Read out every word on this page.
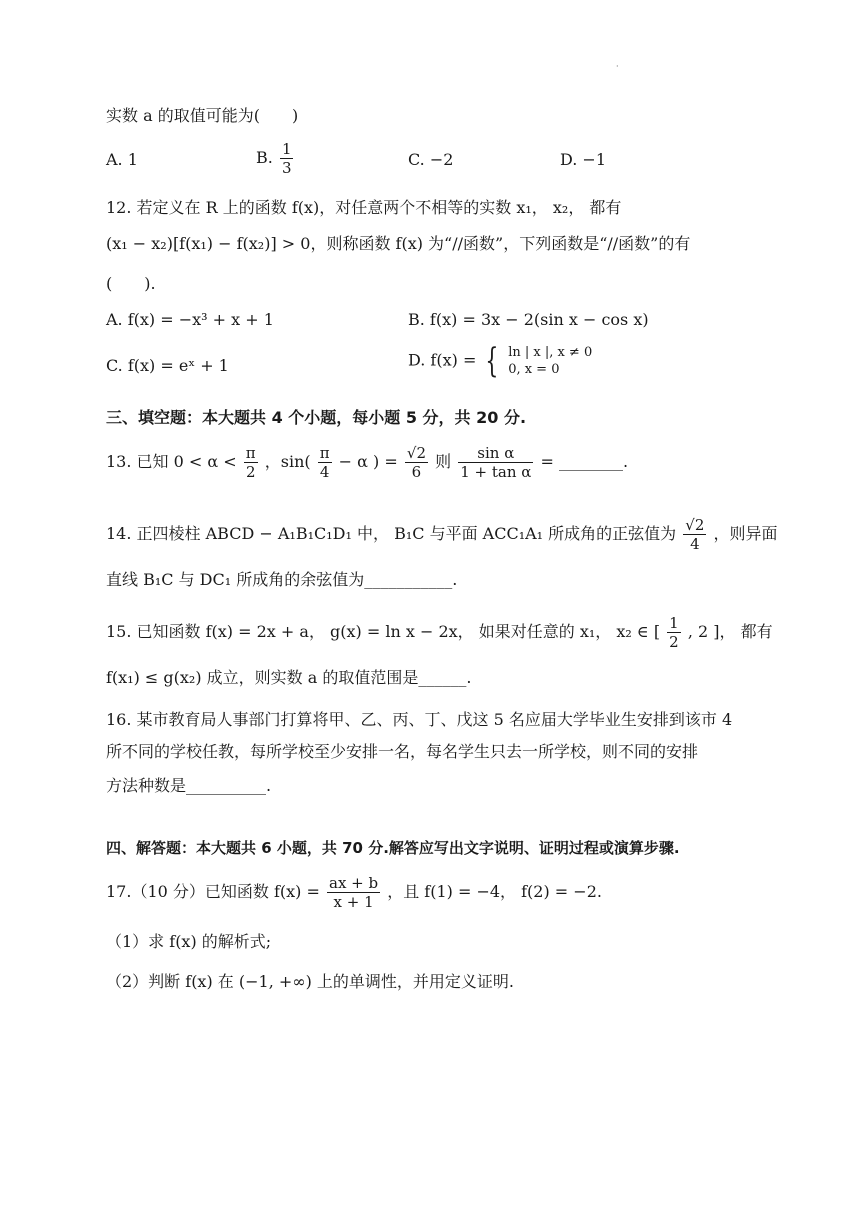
·
实数 a 的取值可能为(　　)
A. 1	B. $\frac{1}{3}$	C. −2	D. −1
12. 若定义在 R 上的函数 f(x)，对任意两个不相等的实数 x₁， x₂， 都有
(x₁ − x₂)[f(x₁) − f(x₂)] > 0，则称函数 f(x) 为“//函数”，下列函数是“//函数”的有
(　　).
A. f(x) = −x³ + x + 1	B. f(x) = 3x − 2(sin x − cos x)
C. f(x) = eˣ + 1	D. f(x) = { ln | x |, x ≠ 0
0, x = 0
三、填空题：本大题共 4 个小题，每小题 5 分，共 20 分.
13. 已知 $0 < \alpha < \frac{\pi}{2}$ ，$\sin( \frac{\pi}{4} - \alpha$ ) = $\frac{√2}{6}$ 则 $\frac{\text{sin α}}{\text{1 + tan α}}$ = ________.
14. 正四棱柱 ABCD − A₁B₁C₁D₁ 中， B₁C 与平面 ACC₁A₁ 所成角的正弦值为 $\frac{√2}{4}$ ，则异面
直线 B₁C 与 DC₁ 所成角的余弦值为___________.
15. 已知函数 f(x) = 2x + a， g(x) = ln x − 2x， 如果对任意的 x₁， x₂ ∈ [ $\frac{1}{2}$ , 2 ]， 都有
f(x₁) ≤ g(x₂) 成立，则实数 a 的取值范围是______.
16. 某市教育局人事部门打算将甲、乙、丙、丁、戊这 5 名应届大学毕业生安排到该市 4
所不同的学校任教，每所学校至少安排一名，每名学生只去一所学校，则不同的安排
方法种数是__________.
四、解答题：本大题共 6 小题，共 70 分.解答应写出文字说明、证明过程或演算步骤.
17.（10 分）已知函数 $f(x) = \frac{ax + b}{x + 1}$ ，且 f(1) = −4， f(2) = −2.
（1）求 f(x) 的解析式;
（2）判断 f(x) 在 (−1, +∞) 上的单调性，并用定义证明.
